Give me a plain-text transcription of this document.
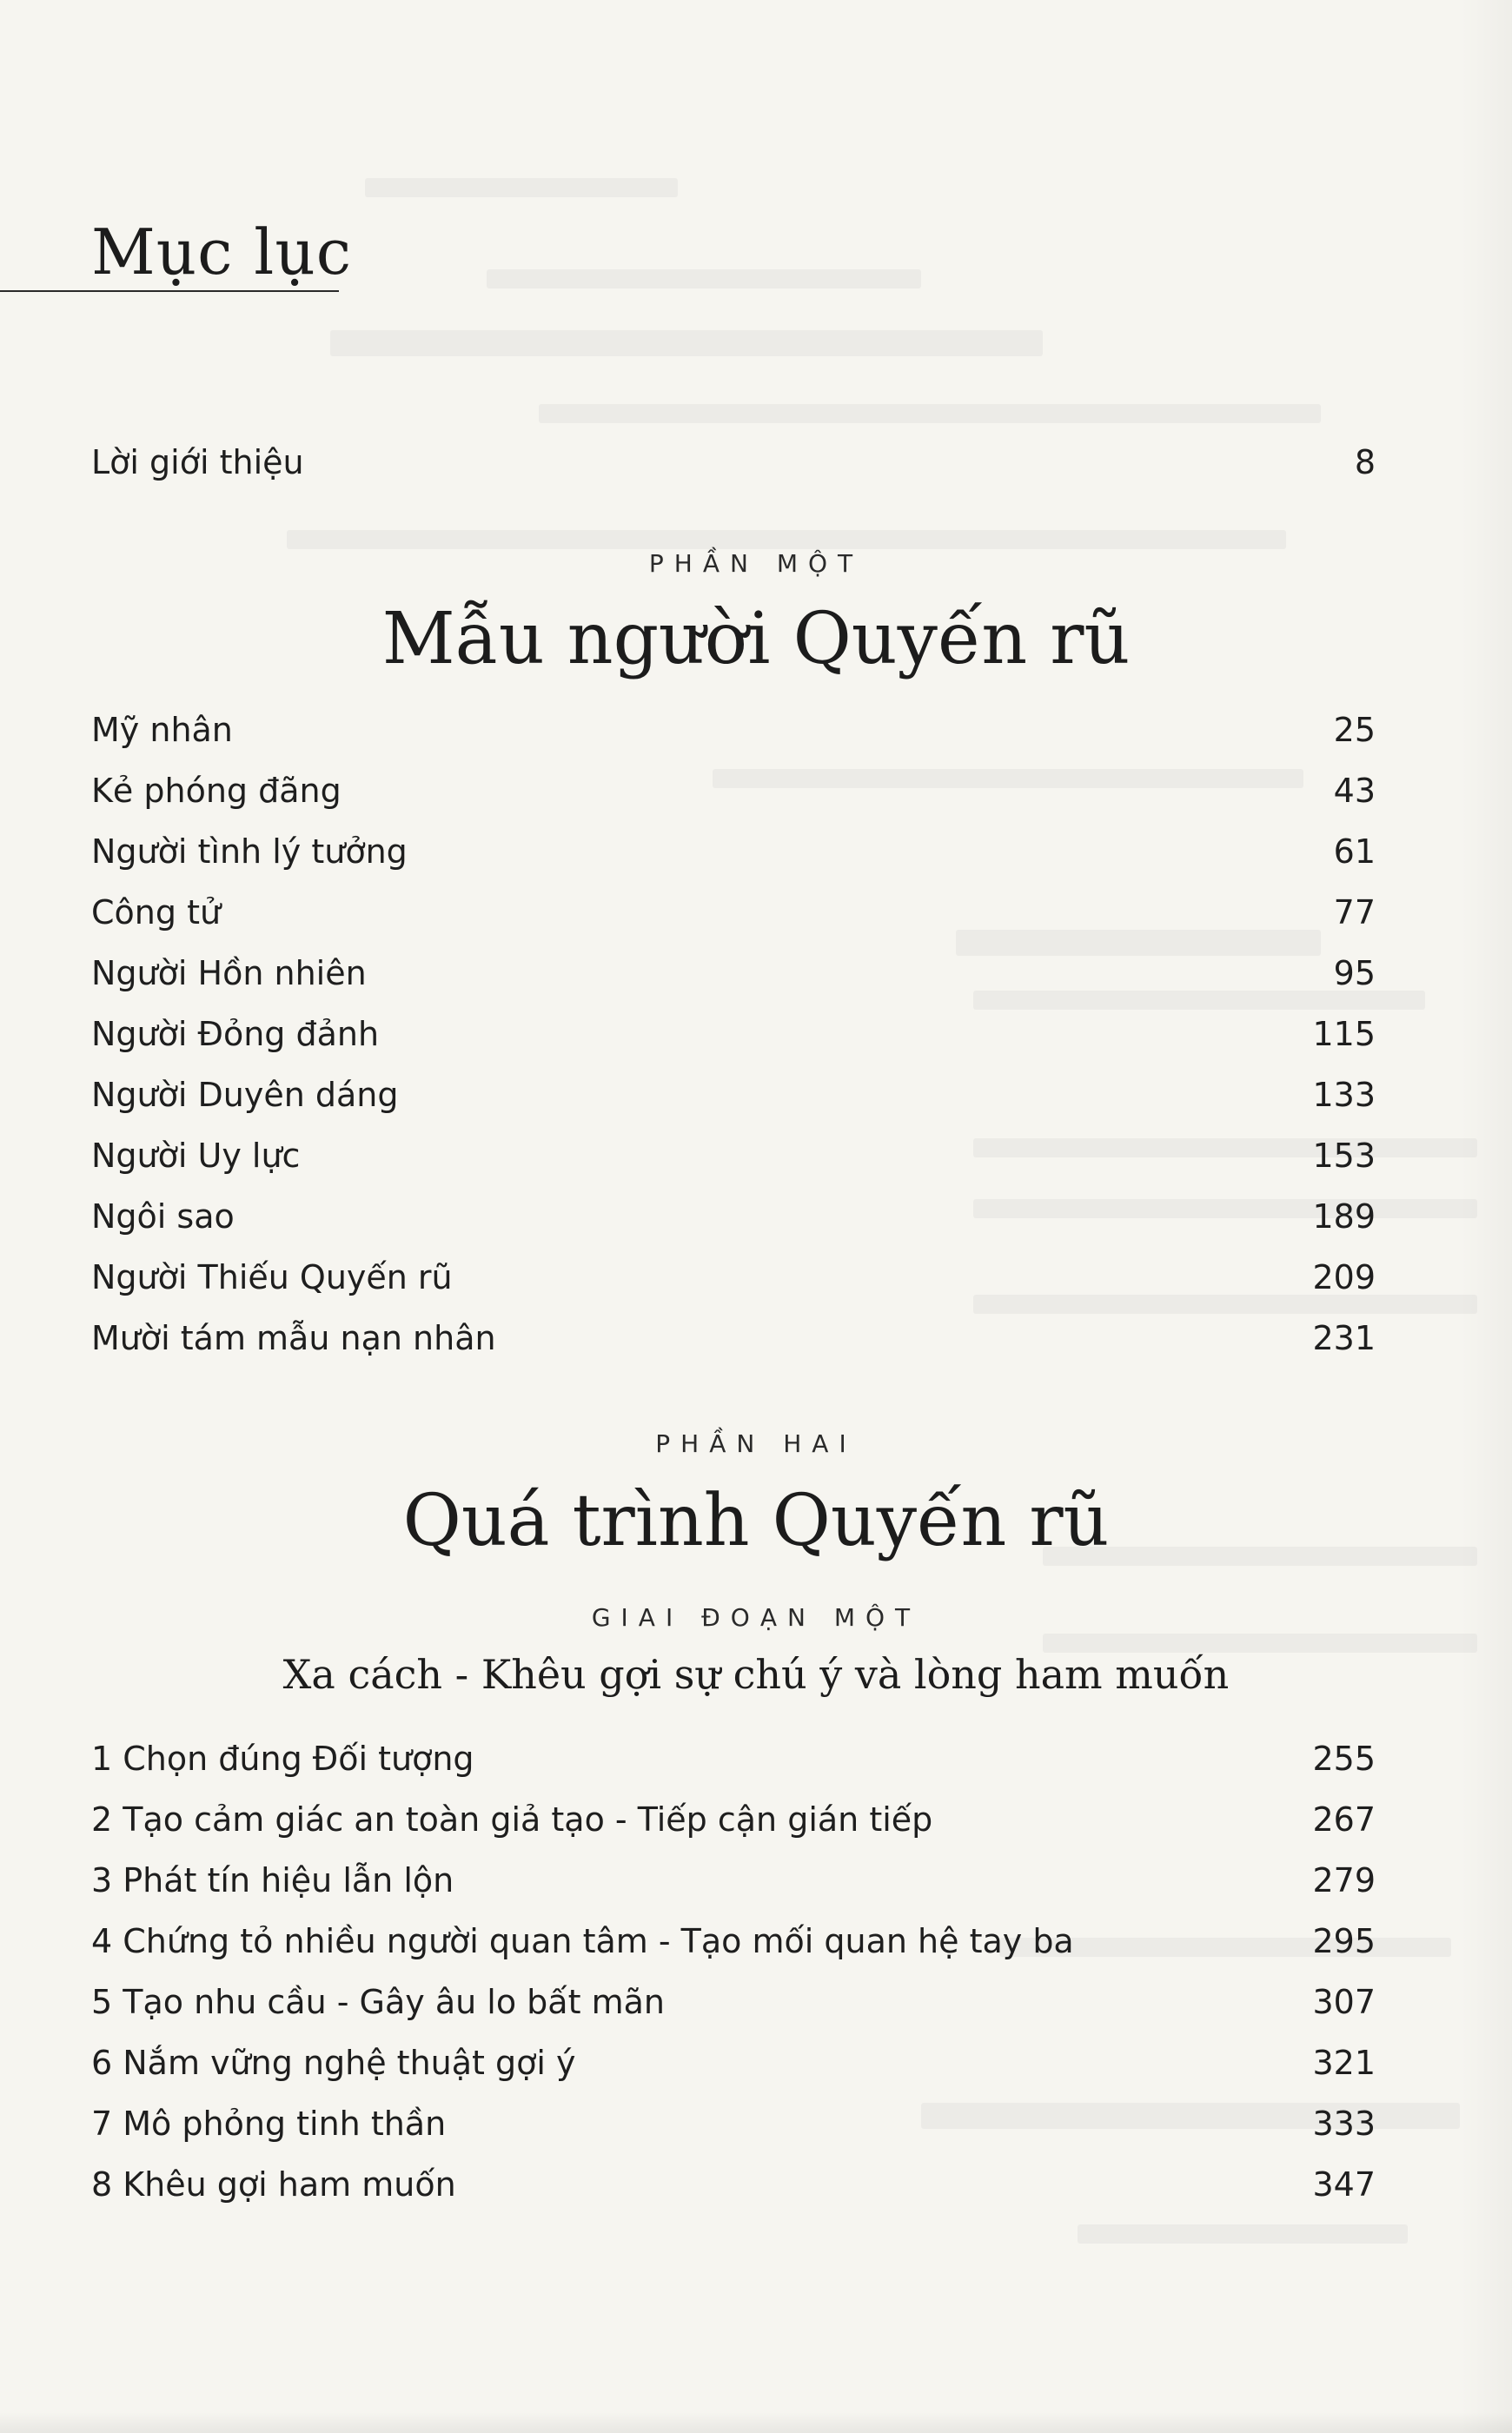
Mục lục
Lời giới thiệu	8
PHẦN MỘT
Mẫu người Quyến rũ
Mỹ nhân	25
Kẻ phóng đãng	43
Người tình lý tưởng	61
Công tử	77
Người Hồn nhiên	95
Người Đỏng đảnh	115
Người Duyên dáng	133
Người Uy lực	153
Ngôi sao	189
Người Thiếu Quyến rũ	209
Mười tám mẫu nạn nhân	231
PHẦN HAI
Quá trình Quyến rũ
GIAI ĐOẠN MỘT
Xa cách - Khêu gợi sự chú ý và lòng ham muốn
1 Chọn đúng Đối tượng	255
2 Tạo cảm giác an toàn giả tạo - Tiếp cận gián tiếp	267
3 Phát tín hiệu lẫn lộn	279
4 Chứng tỏ nhiều người quan tâm - Tạo mối quan hệ tay ba	295
5 Tạo nhu cầu - Gây âu lo bất mãn	307
6 Nắm vững nghệ thuật gợi ý	321
7 Mô phỏng tinh thần	333
8 Khêu gợi ham muốn	347
